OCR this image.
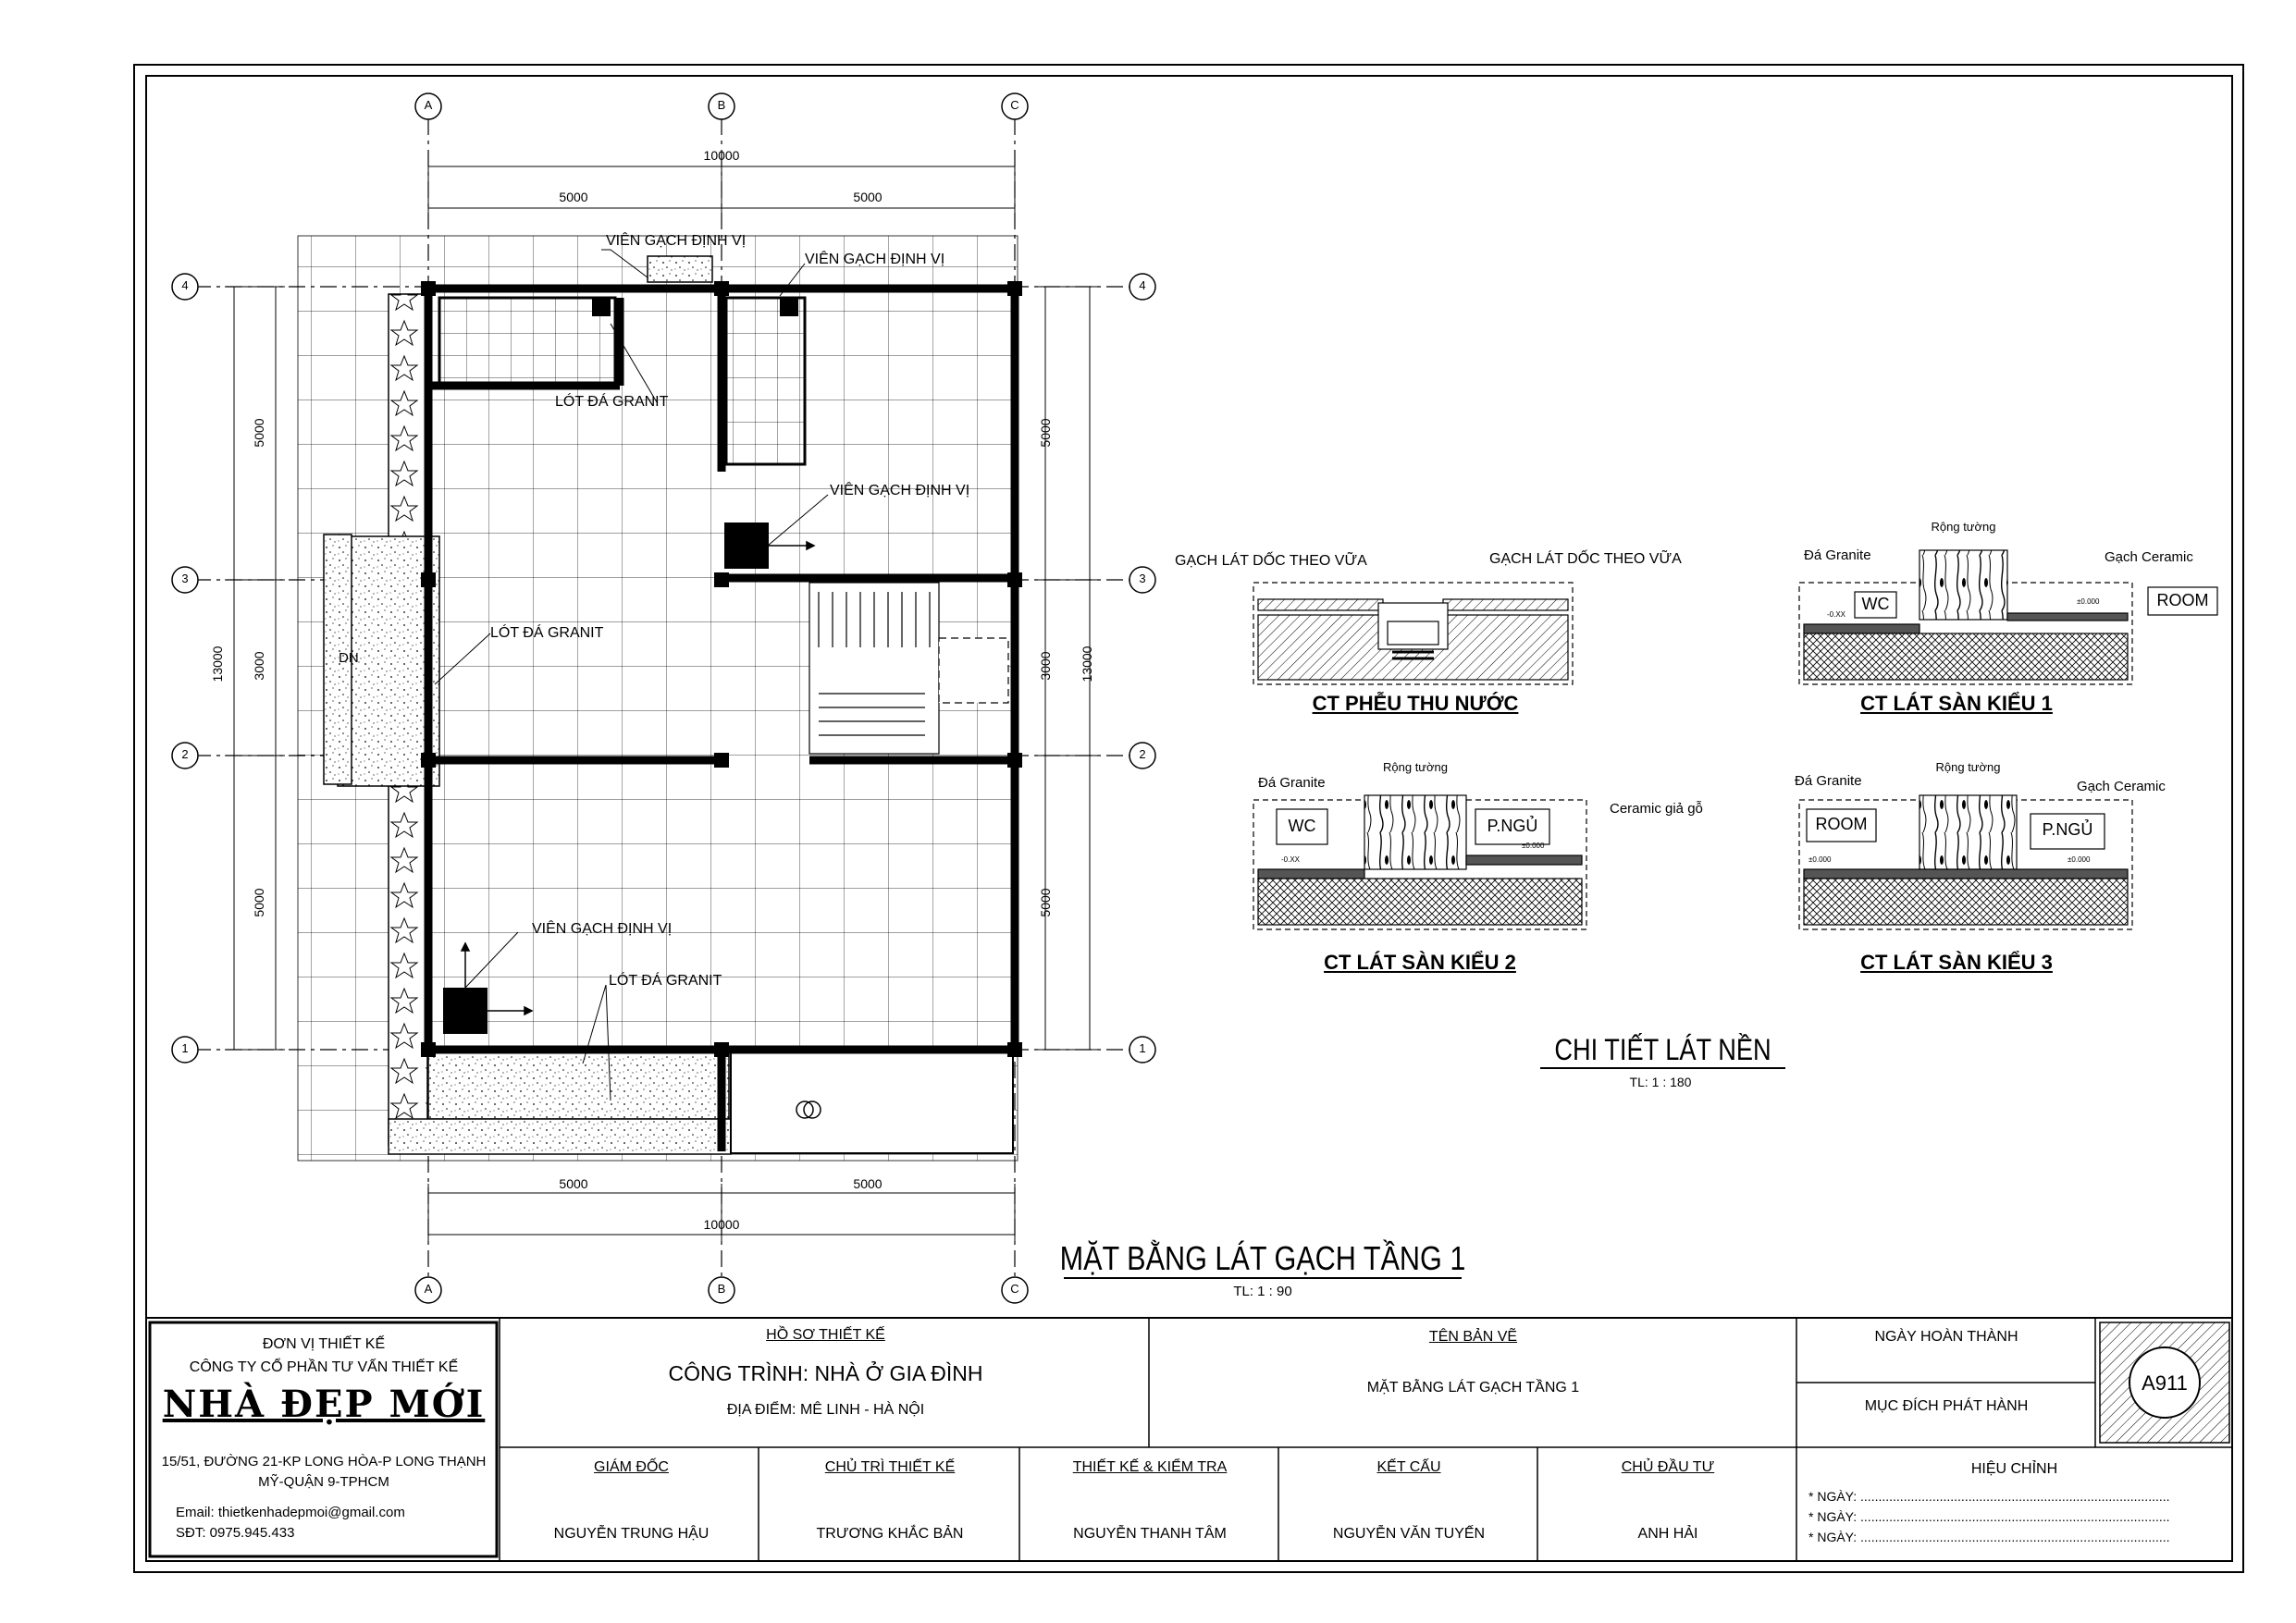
A	B	C
A	B	C
4
3
2
1
4
3
2
1
10000
5000	5000
5000	5000
10000
13000
5000
3000
5000
5000
3000
5000
13000
VIÊN GẠCH ĐỊNH VỊ
VIÊN GẠCH ĐỊNH VỊ
LÓT ĐÁ GRANIT
VIÊN GẠCH ĐỊNH VỊ
LÓT ĐÁ GRANIT
VIÊN GẠCH ĐỊNH VỊ
LÓT ĐÁ GRANIT
DN
MẶT BẰNG LÁT GẠCH TẦNG 1
TL: 1 : 90
GẠCH LÁT DỐC THEO VỮA	GẠCH LÁT DỐC THEO VỮA
CT PHỄU THU NƯỚC
Rộng tường
Đá Granite	Gạch Ceramic
WC	ROOM
-0.XX
±0.000
CT LÁT SÀN KIỂU 1
Rộng tường
Đá Granite
Ceramic giả gỗ
WC	P.NGỦ
-0.XX
±0.000
CT LÁT SÀN KIỂU 2
Rộng tường
Đá Granite	Gạch Ceramic
ROOM	P.NGỦ
±0.000	±0.000
CT LÁT SÀN KIỂU 3
CHI TIẾT LÁT NỀN
TL: 1 : 180
ĐƠN VỊ THIẾT KẾ
CÔNG TY CỔ PHẦN TƯ VẤN THIẾT KẾ
NHÀ ĐẸP MỚI
15/51, ĐƯỜNG 21-KP LONG HÒA-P LONG THẠNH
MỸ-QUẬN 9-TPHCM
Email: thietkenhadepmoi@gmail.com
SĐT: 0975.945.433
HỒ SƠ THIẾT KẾ
CÔNG TRÌNH: NHÀ Ở GIA ĐÌNH
ĐỊA ĐIỂM: MÊ LINH - HÀ NỘI
TÊN BẢN VẼ
MẶT BẰNG LÁT GẠCH TẦNG 1
NGÀY HOÀN THÀNH
MỤC ĐÍCH PHÁT HÀNH
A911
HIỆU CHỈNH
* NGÀY: ......................................................................................
* NGÀY: ......................................................................................
* NGÀY: ......................................................................................
GIÁM ĐỐC
NGUYỄN TRUNG HẬU
CHỦ TRÌ THIẾT KẾ
TRƯƠNG KHẮC BẢN
THIẾT KẾ & KIỂM TRA
NGUYỄN THANH TÂM
KẾT CẤU
NGUYỄN VĂN TUYẾN
CHỦ ĐẦU TƯ
ANH HẢI
